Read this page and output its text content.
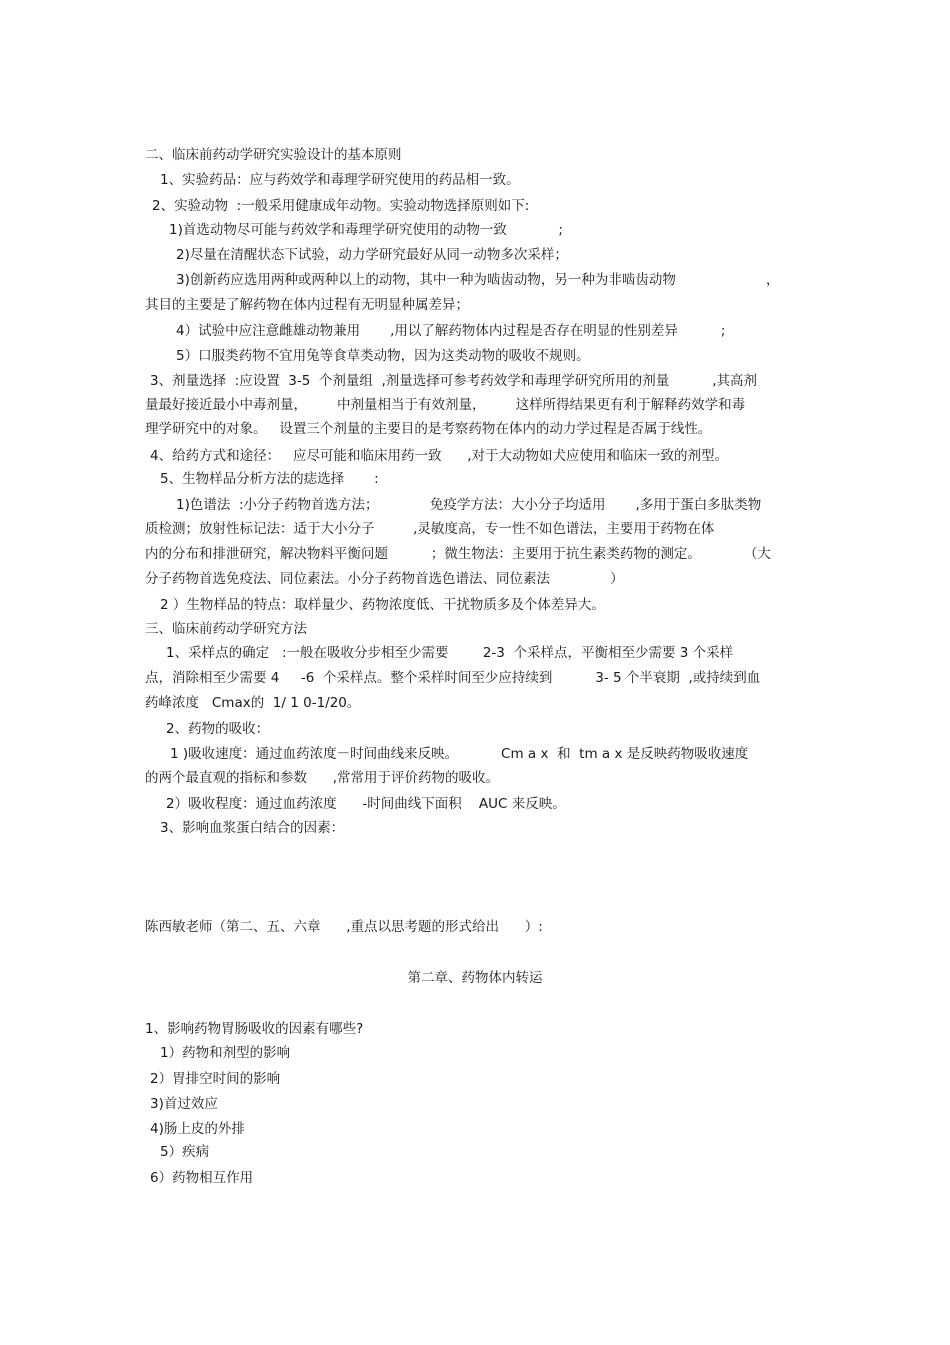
二、临床前药动学研究实验设计的基本原则
1、实验药品：应与药效学和毒理学研究使用的药品相一致。
2、实验动物  :一般采用健康成年动物。实验动物选择原则如下:
1)首选动物尽可能与药效学和毒理学研究使用的动物一致            ;
2)尽量在清醒状态下试验，动力学研究最好从同一动物多次采样；
3)创新药应选用两种或两种以上的动物，其中一种为啮齿动物，另一种为非啮齿动物                     ，
其目的主要是了解药物在体内过程有无明显种属差异；
4）试验中应注意雌雄动物兼用       ,用以了解药物体内过程是否存在明显的性别差异          ;
5）口服类药物不宜用兔等食草类动物，因为这类动物的吸收不规则。
3、剂量选择  :应设置  3-5  个剂量组  ,剂量选择可参考药效学和毒理学研究所用的剂量          ,其高剂
量最好接近最小中毒剂量，       中剂量相当于有效剂量，       这样所得结果更有利于解释药效学和毒
理学研究中的对象。   设置三个剂量的主要目的是考察药物在体内的动力学过程是否属于线性。
4、给药方式和途径：   应尽可能和临床用药一致      ,对于大动物如犬应使用和临床一致的剂型。
5、生物样品分析方法的痣选择       :
1)色谱法  :小分子药物首选方法；            免疫学方法：大小分子均适用       ,多用于蛋白多肽类物
质检测；放射性标记法：适于大小分子         ,灵敏度高，专一性不如色谱法，主要用于药物在体
内的分布和排泄研究，解决物料平衡问题          ；微生物法：主要用于抗生素类药物的测定。          （大
分子药物首选免疫法、同位素法。小分子药物首选色谱法、同位素法              ）
2 ）生物样品的特点：取样量少、药物浓度低、干扰物质多及个体差异大。
三、临床前药动学研究方法
1、采样点的确定   :一般在吸收分步相至少需要        2-3  个采样点，平衡相至少需要 3 个采样
点，消除相至少需要 4     -6  个采样点。整个采样时间至少应持续到          3- 5 个半衰期  ,或持续到血
药峰浓度   Cmax的  1/ 1 0-1/20。
2、药物的吸收：
1 )吸收速度：通过血药浓度－时间曲线来反映。          Cm a x  和  tm a x 是反映药物吸收速度
的两个最直观的指标和参数      ,常常用于评价药物的吸收。
2）吸收程度：通过血药浓度      -时间曲线下面积    AUC 来反映。
3、影响血浆蛋白结合的因素：
陈西敏老师（第二、五、六章      ,重点以思考题的形式给出      ）:
第二章、药物体内转运
1、影响药物胃肠吸收的因素有哪些?
1）药物和剂型的影响
2）胃排空时间的影响
3)首过效应
4)肠上皮的外排
5）疾病
6）药物相互作用
